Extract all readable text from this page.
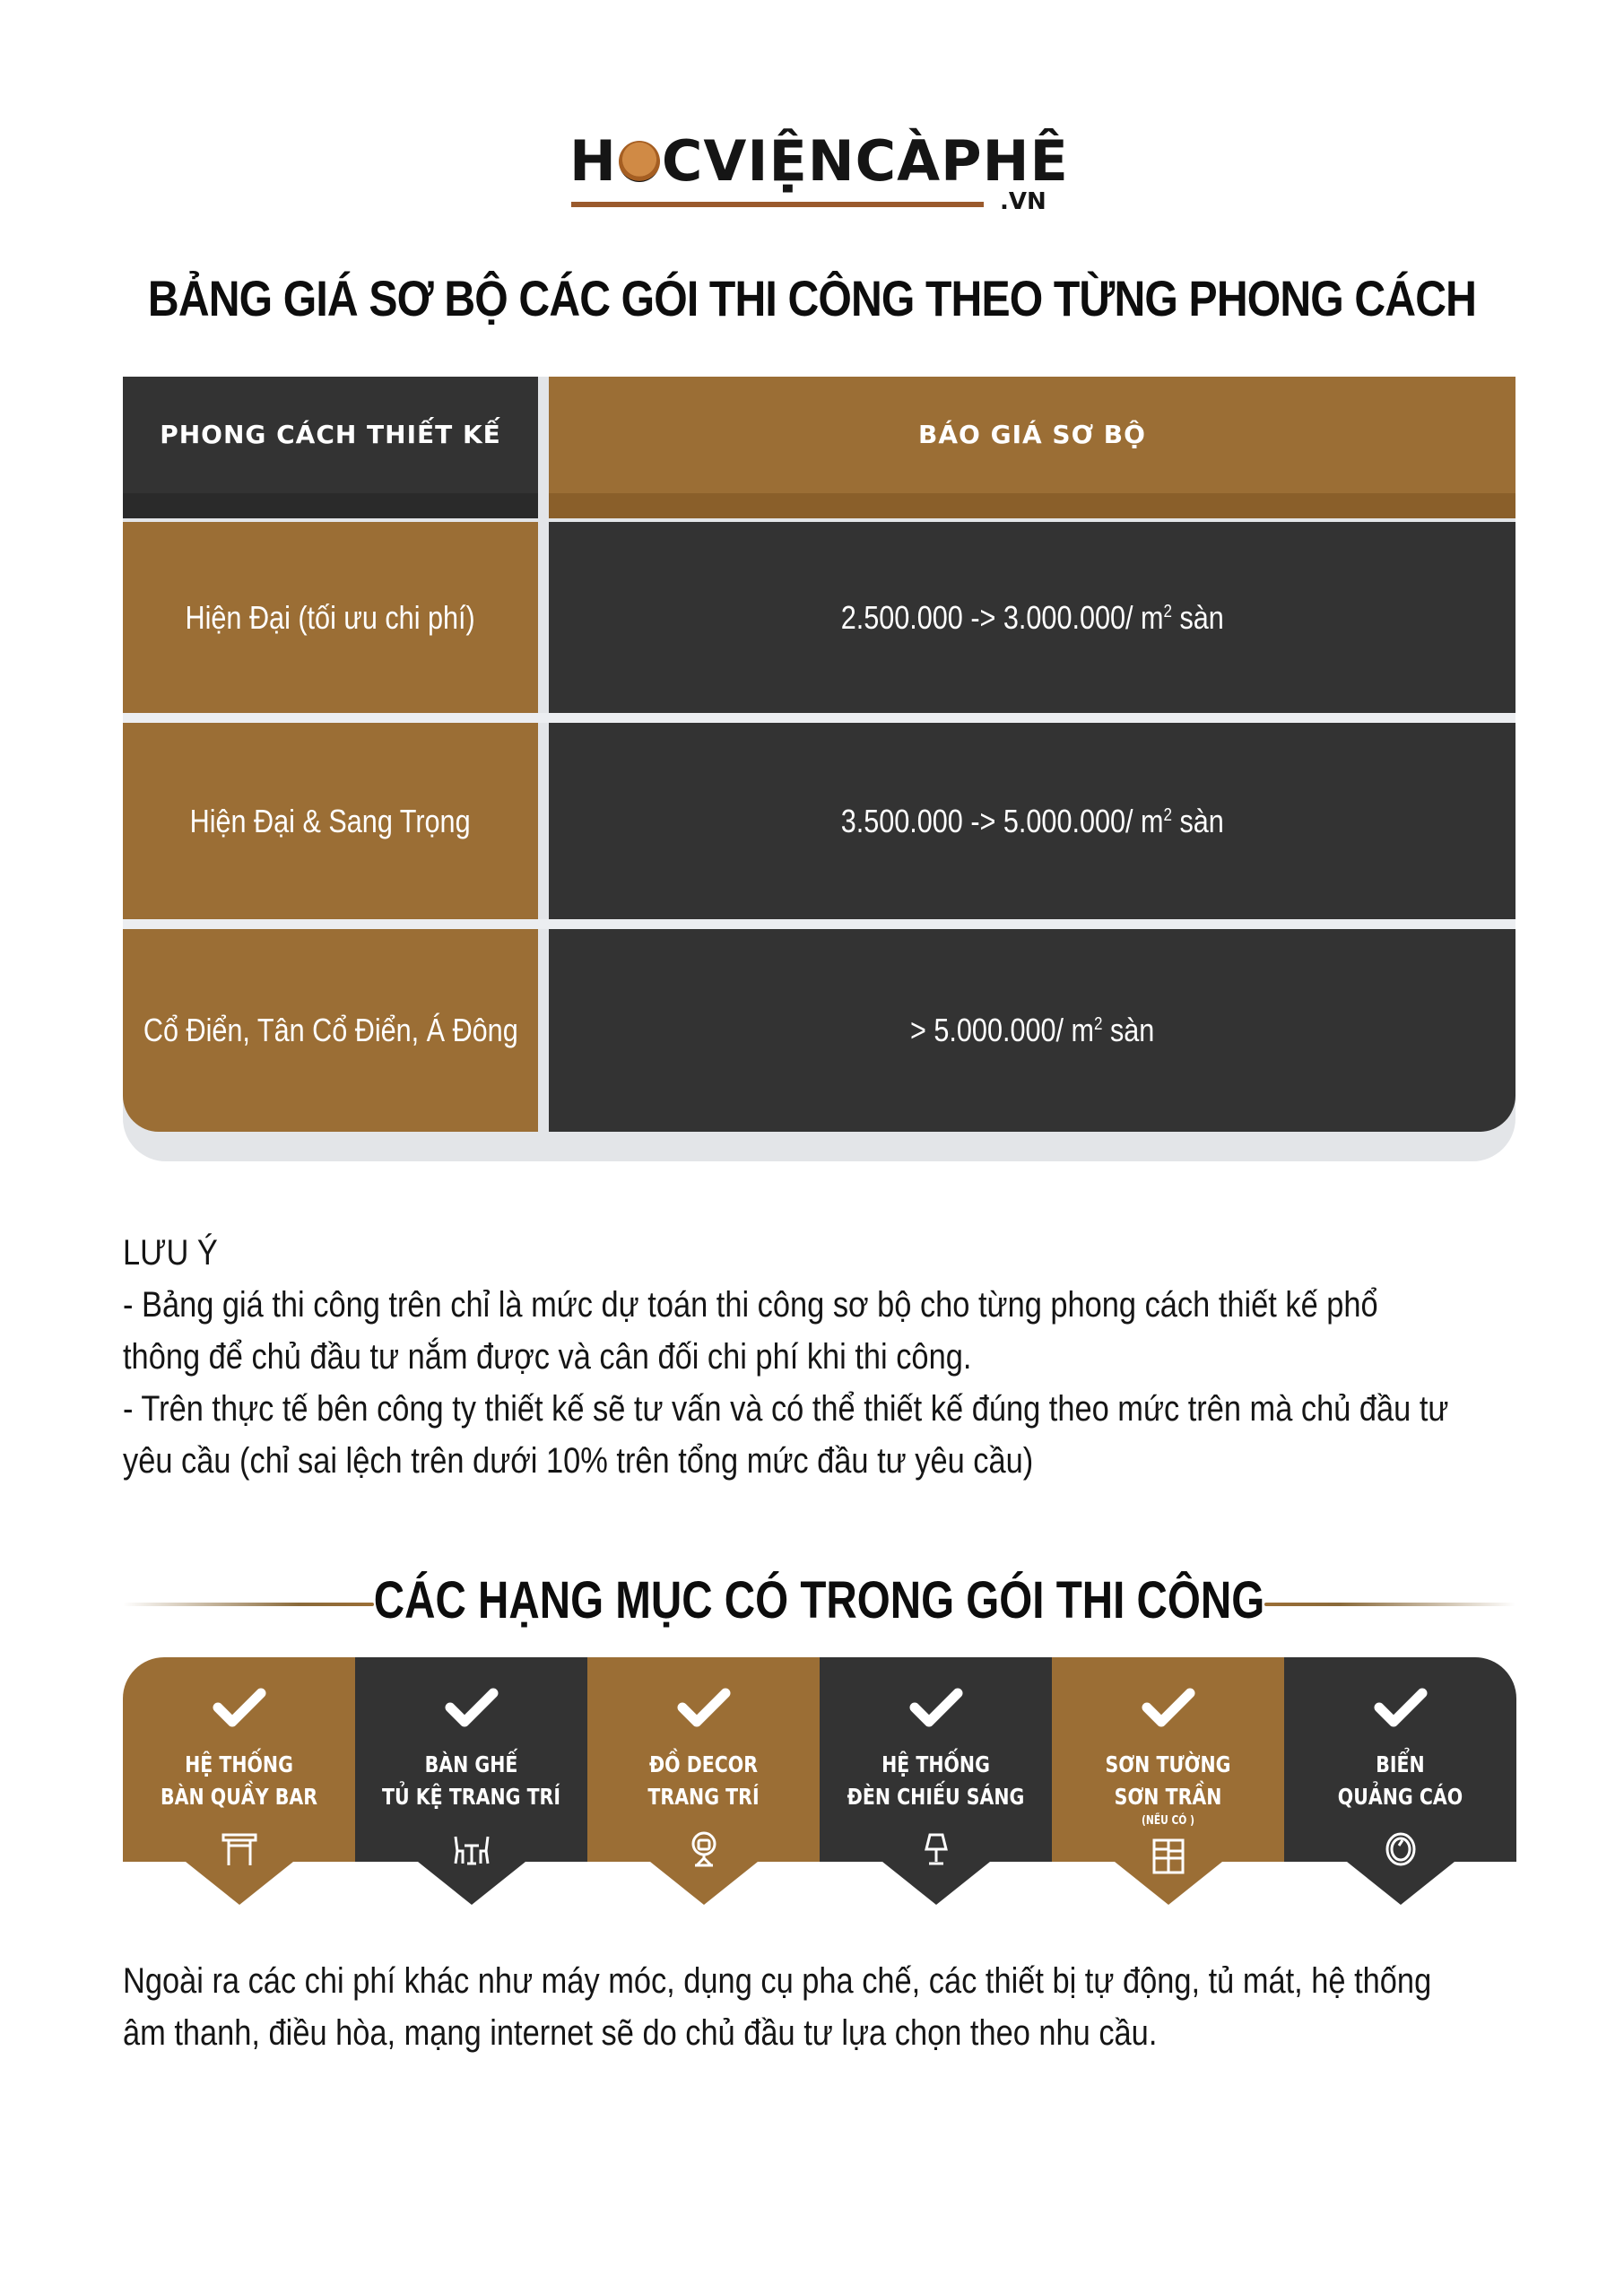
H CVIỆNCÀPHÊ
.VN
BẢNG GIÁ SƠ BỘ CÁC GÓI THI CÔNG THEO TỪNG PHONG CÁCH
PHONG CÁCH THIẾT KẾ
Hiện Đại (tối ưu chi phí)
Hiện Đại & Sang Trọng
Cổ Điển, Tân Cổ Điển, Á Đông
BÁO GIÁ SƠ BỘ
2.500.000 -> 3.000.000/ $m^2$ sàn
3.500.000 -> 5.000.000/ $m^2$ sàn
> 5.000.000/ $m^2$ sàn

LƯU Ý

- Bảng giá thi công trên chỉ là mức dự toán thi công sơ bộ cho từng phong cách thiết kế phổ

thông để chủ đầu tư nắm được và cân đối chi phí khi thi công.

- Trên thực tế bên công ty thiết kế sẽ tư vấn và có thể thiết kế đúng theo mức trên mà chủ đầu tư

yêu cầu (chỉ sai lệch trên dưới 10% trên tổng mức đầu tư yêu cầu)

CÁC HẠNG MỤC CÓ TRONG GÓI THI CÔNG
HỆ THỐNG
BÀN QUẦY BAR
BÀN GHẾ
TỦ KỆ TRANG TRÍ
ĐỒ DECOR
TRANG TRÍ
HỆ THỐNG
ĐÈN CHIẾU SÁNG
SƠN TƯỜNG
SƠN TRẦN
(NẾU CÓ )
BIỂN
QUẢNG CÁO

Ngoài ra các chi phí khác như máy móc, dụng cụ pha chế, các thiết bị tự động, tủ mát, hệ thống

âm thanh, điều hòa, mạng internet sẽ do chủ đầu tư lựa chọn theo nhu cầu.
